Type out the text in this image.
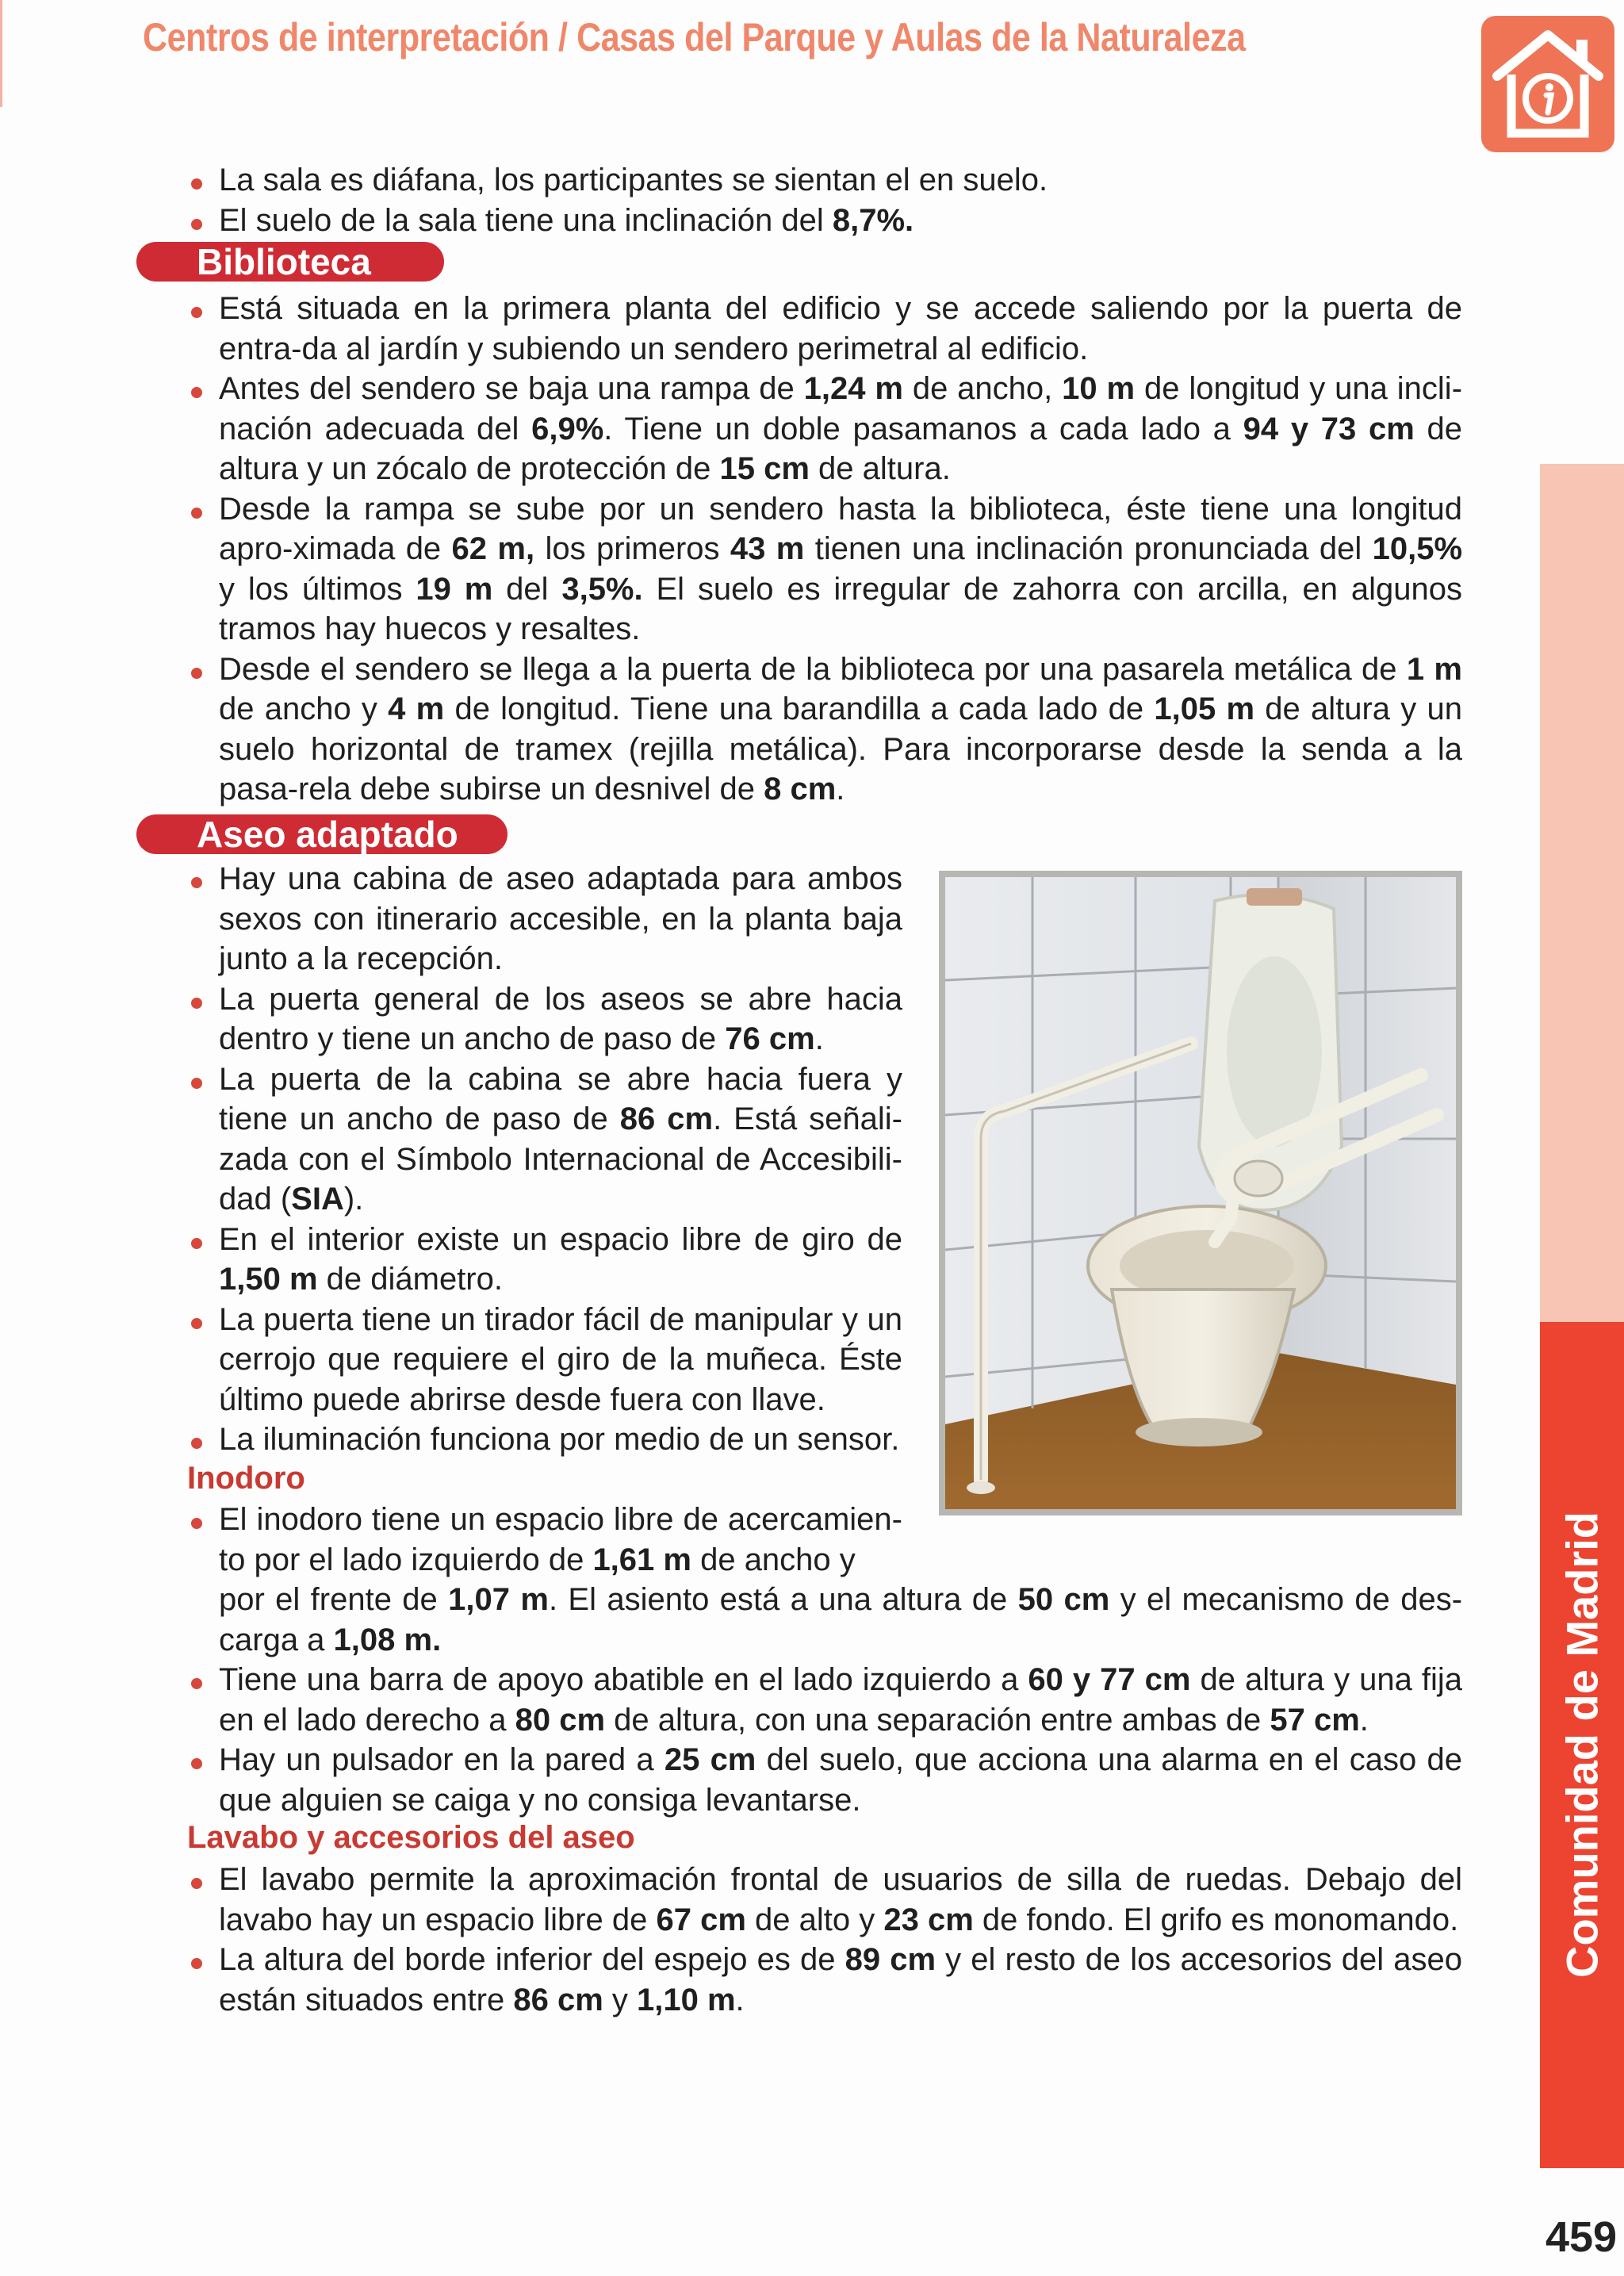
Centros de interpretación / Casas del Parque y Aulas de la Naturaleza
La sala es diáfana, los participantes se sientan el en suelo.
El suelo de la sala tiene una inclinación del 8,7%.
Biblioteca
Está situada en la primera planta del edificio y se accede saliendo por la puerta de entra-da al jardín y subiendo un sendero perimetral al edificio.
Antes del sendero se baja una rampa de 1,24 m de ancho, 10 m de longitud y una incli-nación adecuada del 6,9%. Tiene un doble pasamanos a cada lado a 94 y 73 cm de altura y un zócalo de protección de 15 cm de altura.
Desde la rampa se sube por un sendero hasta la biblioteca, éste tiene una longitud apro-ximada de 62 m, los primeros 43 m tienen una inclinación pronunciada del 10,5% y los últimos 19 m del 3,5%. El suelo es irregular de zahorra con arcilla, en algunos tramos hay huecos y resaltes.
Desde el sendero se llega a la puerta de la biblioteca por una pasarela metálica de 1 m de ancho y 4 m de longitud. Tiene una barandilla a cada lado de 1,05 m de altura y un suelo horizontal de tramex (rejilla metálica). Para incorporarse desde la senda a la pasa-rela debe subirse un desnivel de 8 cm.
Aseo adaptado
Hay una cabina de aseo adaptada para ambos sexos con itinerario accesible, en la planta baja junto a la recepción.
La puerta general de los aseos se abre hacia dentro y tiene un ancho de paso de 76 cm.
La puerta de la cabina se abre hacia fuera y tiene un ancho de paso de 86 cm. Está señali-zada con el Símbolo Internacional de Accesibili-dad (SIA).
En el interior existe un espacio libre de giro de 1,50 m de diámetro.
La puerta tiene un tirador fácil de manipular y un cerrojo que requiere el giro de la muñeca. Éste último puede abrirse desde fuera con llave.
La iluminación funciona por medio de un sensor.
Inodoro
El inodoro tiene un espacio libre de acercamien-to por el lado izquierdo de 1,61 m de ancho y
por el frente de 1,07 m. El asiento está a una altura de 50 cm y el mecanismo de des-carga a 1,08 m.
Tiene una barra de apoyo abatible en el lado izquierdo a 60 y 77 cm de altura y una fija en el lado derecho a 80 cm de altura, con una separación entre ambas de 57 cm.
Hay un pulsador en la pared a 25 cm del suelo, que acciona una alarma en el caso de que alguien se caiga y no consiga levantarse.
Lavabo y accesorios del aseo
El lavabo permite la aproximación frontal de usuarios de silla de ruedas. Debajo del lavabo hay un espacio libre de 67 cm de alto y 23 cm de fondo. El grifo es monomando.
La altura del borde inferior del espejo es de 89 cm y el resto de los accesorios del aseo están situados entre 86 cm y 1,10 m.
Comunidad de Madrid
459
